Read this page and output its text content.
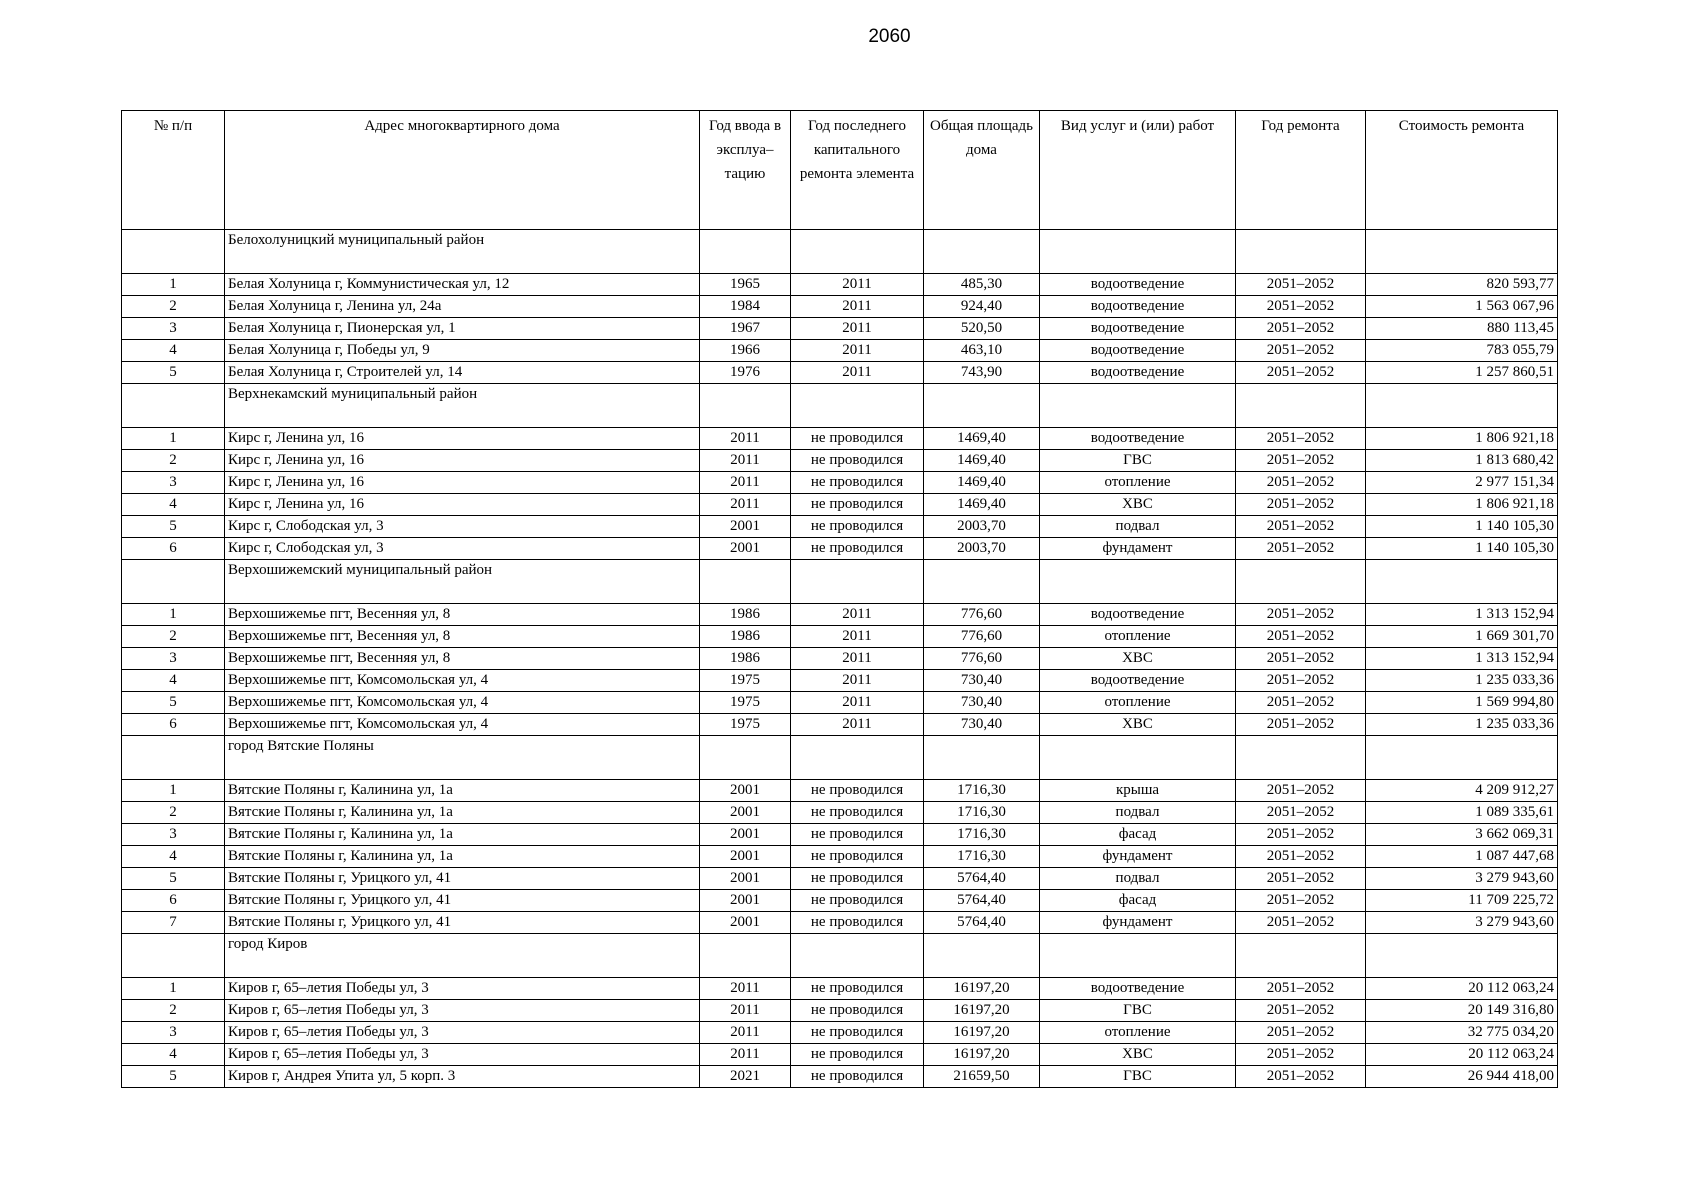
2060
№ п/п	Адрес многоквартирного дома	Год ввода в эксплуа–тацию	Год последнего капитального ремонта элемента	Общая площадь дома	Вид услуг и (или) работ	Год ремонта	Стоимость ремонта
	Белохолуницкий муниципальный район						
1	Белая Холуница г, Коммунистическая ул, 12	1965	2011	485,30	водоотведение	2051–2052	820 593,77
2	Белая Холуница г, Ленина ул, 24а	1984	2011	924,40	водоотведение	2051–2052	1 563 067,96
3	Белая Холуница г, Пионерская ул, 1	1967	2011	520,50	водоотведение	2051–2052	880 113,45
4	Белая Холуница г, Победы ул, 9	1966	2011	463,10	водоотведение	2051–2052	783 055,79
5	Белая Холуница г, Строителей ул, 14	1976	2011	743,90	водоотведение	2051–2052	1 257 860,51
	Верхнекамский муниципальный район						
1	Кирс г, Ленина ул, 16	2011	не проводился	1469,40	водоотведение	2051–2052	1 806 921,18
2	Кирс г, Ленина ул, 16	2011	не проводился	1469,40	ГВС	2051–2052	1 813 680,42
3	Кирс г, Ленина ул, 16	2011	не проводился	1469,40	отопление	2051–2052	2 977 151,34
4	Кирс г, Ленина ул, 16	2011	не проводился	1469,40	ХВС	2051–2052	1 806 921,18
5	Кирс г, Слободская ул, 3	2001	не проводился	2003,70	подвал	2051–2052	1 140 105,30
6	Кирс г, Слободская ул, 3	2001	не проводился	2003,70	фундамент	2051–2052	1 140 105,30
	Верхошижемский муниципальный район						
1	Верхошижемье пгт, Весенняя ул, 8	1986	2011	776,60	водоотведение	2051–2052	1 313 152,94
2	Верхошижемье пгт, Весенняя ул, 8	1986	2011	776,60	отопление	2051–2052	1 669 301,70
3	Верхошижемье пгт, Весенняя ул, 8	1986	2011	776,60	ХВС	2051–2052	1 313 152,94
4	Верхошижемье пгт, Комсомольская ул, 4	1975	2011	730,40	водоотведение	2051–2052	1 235 033,36
5	Верхошижемье пгт, Комсомольская ул, 4	1975	2011	730,40	отопление	2051–2052	1 569 994,80
6	Верхошижемье пгт, Комсомольская ул, 4	1975	2011	730,40	ХВС	2051–2052	1 235 033,36
	город Вятские Поляны						
1	Вятские Поляны г, Калинина ул, 1а	2001	не проводился	1716,30	крыша	2051–2052	4 209 912,27
2	Вятские Поляны г, Калинина ул, 1а	2001	не проводился	1716,30	подвал	2051–2052	1 089 335,61
3	Вятские Поляны г, Калинина ул, 1а	2001	не проводился	1716,30	фасад	2051–2052	3 662 069,31
4	Вятские Поляны г, Калинина ул, 1а	2001	не проводился	1716,30	фундамент	2051–2052	1 087 447,68
5	Вятские Поляны г, Урицкого ул, 41	2001	не проводился	5764,40	подвал	2051–2052	3 279 943,60
6	Вятские Поляны г, Урицкого ул, 41	2001	не проводился	5764,40	фасад	2051–2052	11 709 225,72
7	Вятские Поляны г, Урицкого ул, 41	2001	не проводился	5764,40	фундамент	2051–2052	3 279 943,60
	город Киров						
1	Киров г, 65–летия Победы ул, 3	2011	не проводился	16197,20	водоотведение	2051–2052	20 112 063,24
2	Киров г, 65–летия Победы ул, 3	2011	не проводился	16197,20	ГВС	2051–2052	20 149 316,80
3	Киров г, 65–летия Победы ул, 3	2011	не проводился	16197,20	отопление	2051–2052	32 775 034,20
4	Киров г, 65–летия Победы ул, 3	2011	не проводился	16197,20	ХВС	2051–2052	20 112 063,24
5	Киров г, Андрея Упита ул, 5 корп. 3	2021	не проводился	21659,50	ГВС	2051–2052	26 944 418,00
